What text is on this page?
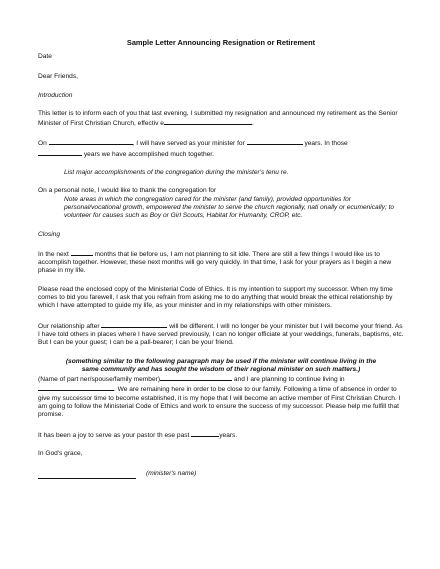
Sample Letter Announcing Resignation or Retirement

Date

Dear Friends,

Introduction

This letter is to inform each of you that last evening, I submitted my resignation and announced my retirement as the Senior Minister of First Christian Church, effectiv e	.

On	, I will have served as your minister for	years. In those
years we have accomplished much together.

List major accomplishments of the congregation during the minister's tenu re.

On a personal note, I would like to thank the congregation for

Note areas in which the congregation cared for the minister (and family), provided opportunities for personal/vocational growth, empowered the minister to serve the church regionally, nati onally or ecumenically; to volunteer for causes such as Boy or Girl Scouts, Habitat for Humanity, CROP, etc.

Closing

In the next	months that lie before us, I am not planning to sit idle. There are still a few things I would like us to accomplish together. However, these next months will go very quickly. In that time, I ask for your prayers as I begin a new phase in my life.

Please read the enclosed copy of the Ministerial Code of Ethics. It is my intention to support my successor. When my time comes to bid you farewell, I ask that you refrain from asking me to do anything that would break the ethical relationship by which I have attempted to guide my life, as your minister and in my relationships with other ministers.

Our relationship after	will be different. I will no longer be your minister but I will become your friend. As I have told others in places where I have served previously, I can no longer officiate at your weddings, funerals, baptisms, etc. But I can be your guest; I can be a pall-bearer; I can be your friend.

(something similar to the following paragraph may be used if the minister will continue living in the same community and has sought the wisdom of their regional minister on such matters.)

(Name of part ner/spouse/family member)	and I are planning to continue living in
. We are remaining here in order to be close to our family. Following a time of absence in order to give my successor time to become established, it is my hope that I will become an active member of First Christian Church. I am going to follow the Ministerial Code of Ethics and work to ensure the success of my successor. Please help me fulfill that promise.

It has been a joy to serve as your pastor th ese past	years.

In God's grace,

(minister's name)
